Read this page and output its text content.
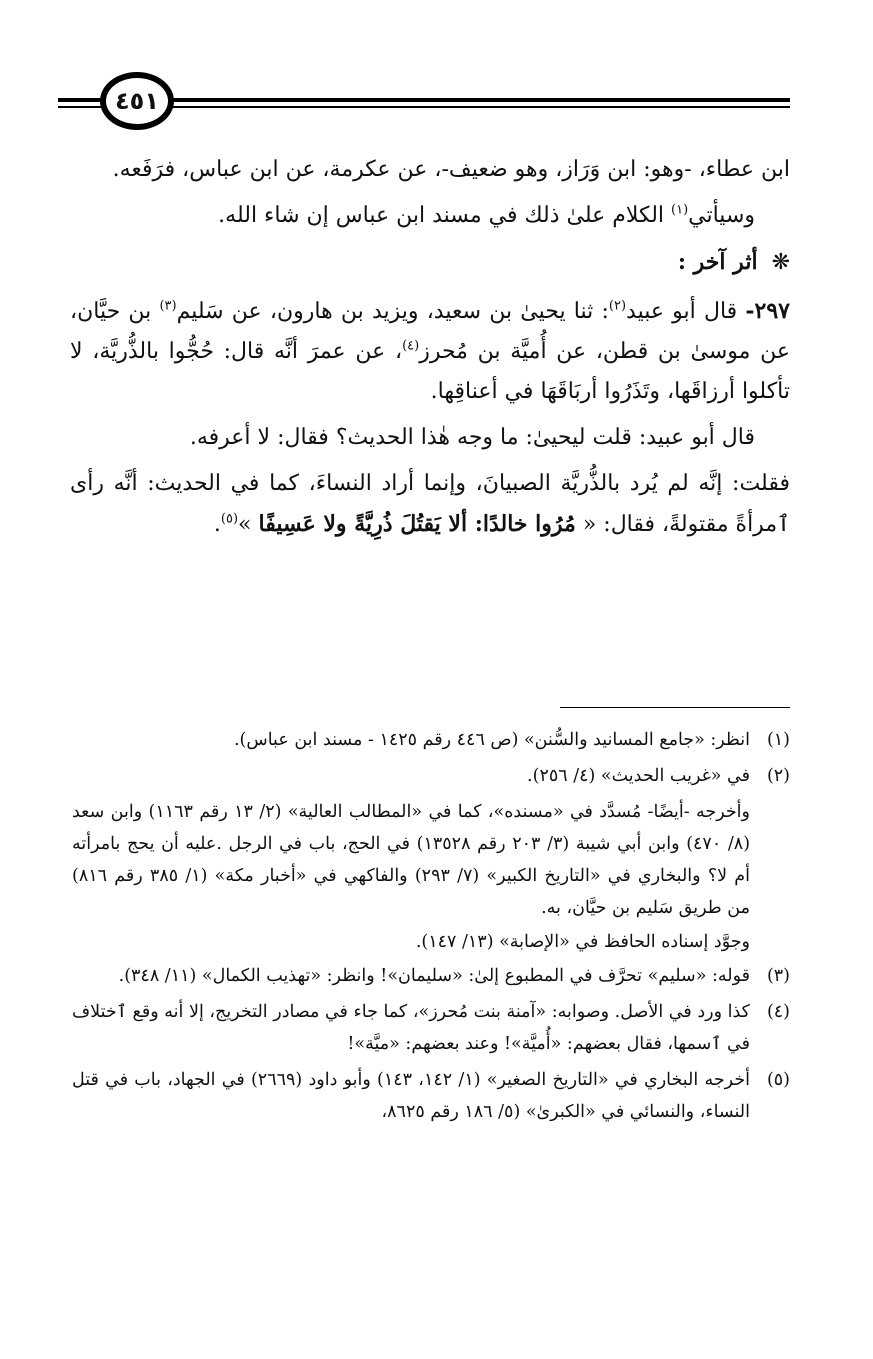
٤٥١

ابن عطاء، -وهو: ابن وَرَاز، وهو ضعيف-، عن عكرمة، عن ابن عباس، فرَفَعه.

وسيأتي$^{(١)}$ الكلام علىٰ ذلك في مسند ابن عباس إن شاء الله.

❋أثر آخر :

٢٩٧- قال أبو عبيد$^{(٢)}$: ثنا يحيىٰ بن سعيد، ويزيد بن هارون، عن سَليم$^{(٣)}$ بن حيَّان، عن موسىٰ بن قطن، عن أُميَّة بن مُحرز$^{(٤)}$، عن عمرَ أنَّه قال: حُجُّوا بالذُّريَّة، لا تأكلوا أرزاقَها، وتَذَرُوا أربَاقَهَا في أعناقِها.

قال أبو عبيد: قلت ليحيىٰ: ما وجه هٰذا الحديث؟ فقال: لا أعرفه.

فقلت: إنَّه لم يُرد بالذُّريَّة الصبيانَ، وإنما أراد النساءَ، كما في الحديث: أنَّه رأى ٱمرأةً مقتولةً، فقال: « مُرُوا خالدًا: ألا يَقتُلَ ذُرِيَّةً ولا عَسِيفًا »$^{(٥)}$.

(١)
انظر: «جامع المسانيد والسُّنن» (ص ٤٤٦ رقم ١٤٢٥ - مسند ابن عباس).
(٢)
في «غريب الحديث» (٤/ ٢٥٦).
وأخرجه -أيضًا- مُسدَّد في «مسنده»، كما في «المطالب العالية» (٢/ ١٣ رقم ١١٦٣) وابن سعد (٨/ ٤٧٠) وابن أبي شيبة (٣/ ٢٠٣ رقم ١٣٥٢٨) في الحج، باب في الرجل .عليه أن يحج بامرأته أم لا؟ والبخاري في «التاريخ الكبير» (٧/ ٢٩٣) والفاكهي في «أخبار مكة» (١/ ٣٨٥ رقم ٨١٦) من طريق سَليم بن حيَّان، به.
وجوَّد إسناده الحافظ في «الإصابة» (١٣/ ١٤٧).
(٣)
قوله: «سليم» تحرَّف في المطبوع إلىٰ: «سليمان»! وانظر: «تهذيب الكمال» (١١/ ٣٤٨).
(٤)
كذا ورد في الأصل. وصوابه: «آمنة بنت مُحرز»، كما جاء في مصادر التخريج، إلا أنه وقع ٱختلاف في ٱسمها، فقال بعضهم: «أُميَّة»! وعند بعضهم: «ميَّة»!
(٥)
أخرجه البخاري في «التاريخ الصغير» (١/ ١٤٢، ١٤٣) وأبو داود (٢٦٦٩) في الجهاد، باب في قتل النساء، والنسائي في «الكبرىٰ» (٥/ ١٨٦ رقم ٨٦٢٥،
